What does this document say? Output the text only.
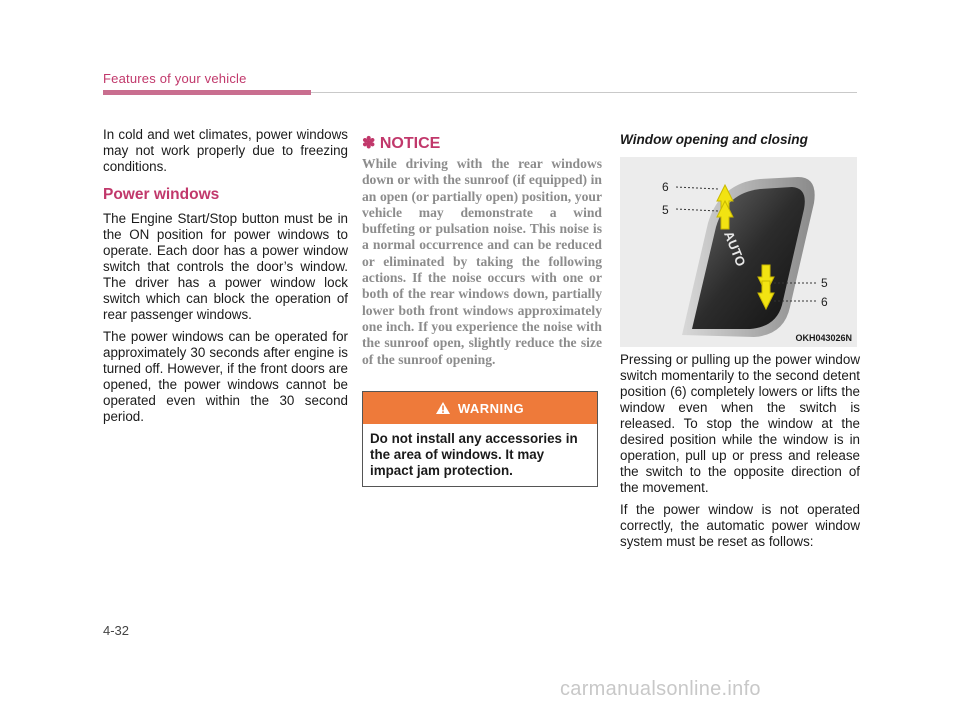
Features of your vehicle

In cold and wet climates, power windows may not work properly due to freezing conditions.

Power windows

The Engine Start/Stop button must be in the ON position for power windows to operate. Each door has a power window switch that controls the door’s window. The driver has a power window lock switch which can block the operation of rear passenger windows.

The power windows can be operated for approximately 30 seconds after engine is turned off. However, if the front doors are opened, the power windows cannot be operated even within the 30 second period.

✽ NOTICE

While driving with the rear windows down or with the sunroof (if equipped) in an open (or partially open) position, your vehicle may demonstrate a wind buffeting or pulsation noise. This noise is a normal occurrence and can be reduced or eliminated by taking the following actions. If the noise occurs with one or both of the rear windows down, partially lower both front windows approximately one inch. If you experience the noise with the sunroof open, slightly reduce the size of the sunroof opening.

WARNING
Do not install any accessories in the area of windows. It may impact jam protection.
Window opening and closing

Pressing or pulling up the power window switch momentarily to the second detent position (6) completely lowers or lifts the window even when the switch is released. To stop the window at the desired position while the window is in operation, pull up or press and release the switch to the opposite direction of the movement.

If the power window is not operated correctly, the automatic power window system must be reset as follows:

AUTO
6
5
5
6
OKH043026N
4-32
carmanualsonline.info
